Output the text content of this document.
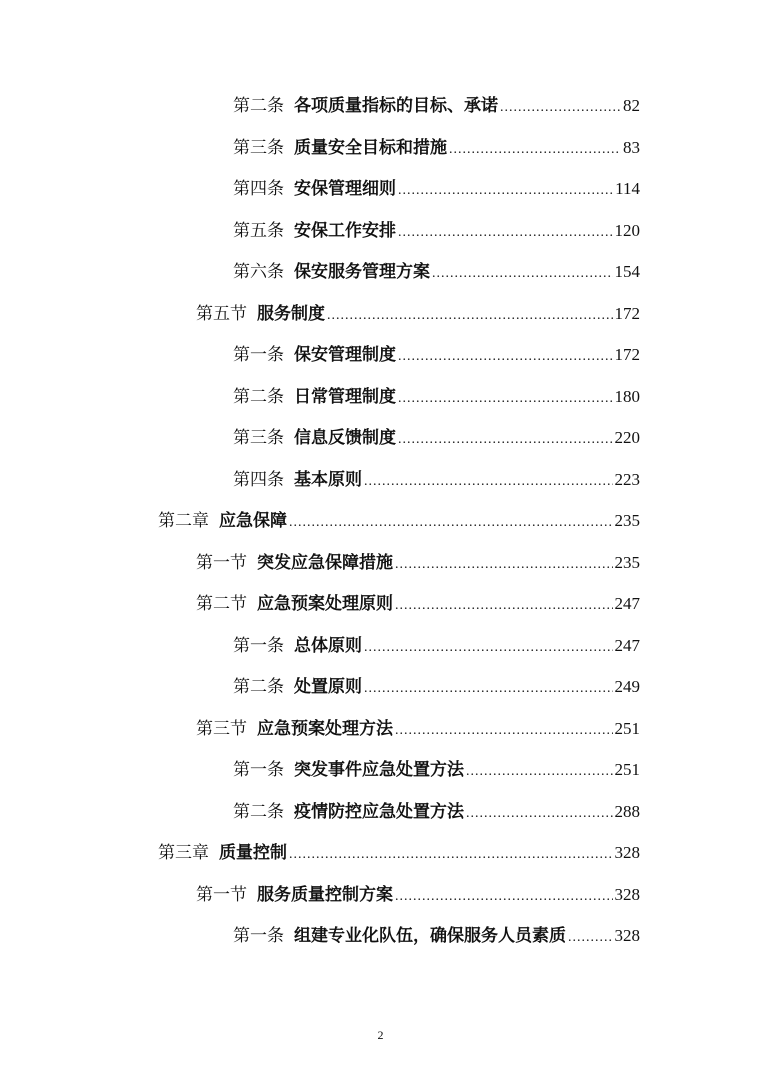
第二条 各项质量指标的目标、承诺 .....	82
第三条 质量安全目标和措施 .....	83
第四条 安保管理细则 .....	114
第五条 安保工作安排 .....	120
第六条 保安服务管理方案 .....	154
第五节 服务制度 .....	172
第一条 保安管理制度 .....	172
第二条 日常管理制度 .....	180
第三条 信息反馈制度 .....	220
第四条 基本原则 .....	223
第二章 应急保障 .....	235
第一节 突发应急保障措施 .....	235
第二节 应急预案处理原则 .....	247
第一条 总体原则 .....	247
第二条 处置原则 .....	249
第三节 应急预案处理方法 .....	251
第一条 突发事件应急处置方法 .....	251
第二条 疫情防控应急处置方法 .....	288
第三章 质量控制 .....	328
第一节 服务质量控制方案 .....	328
第一条 组建专业化队伍，确保服务人员素质 .....	328
2
